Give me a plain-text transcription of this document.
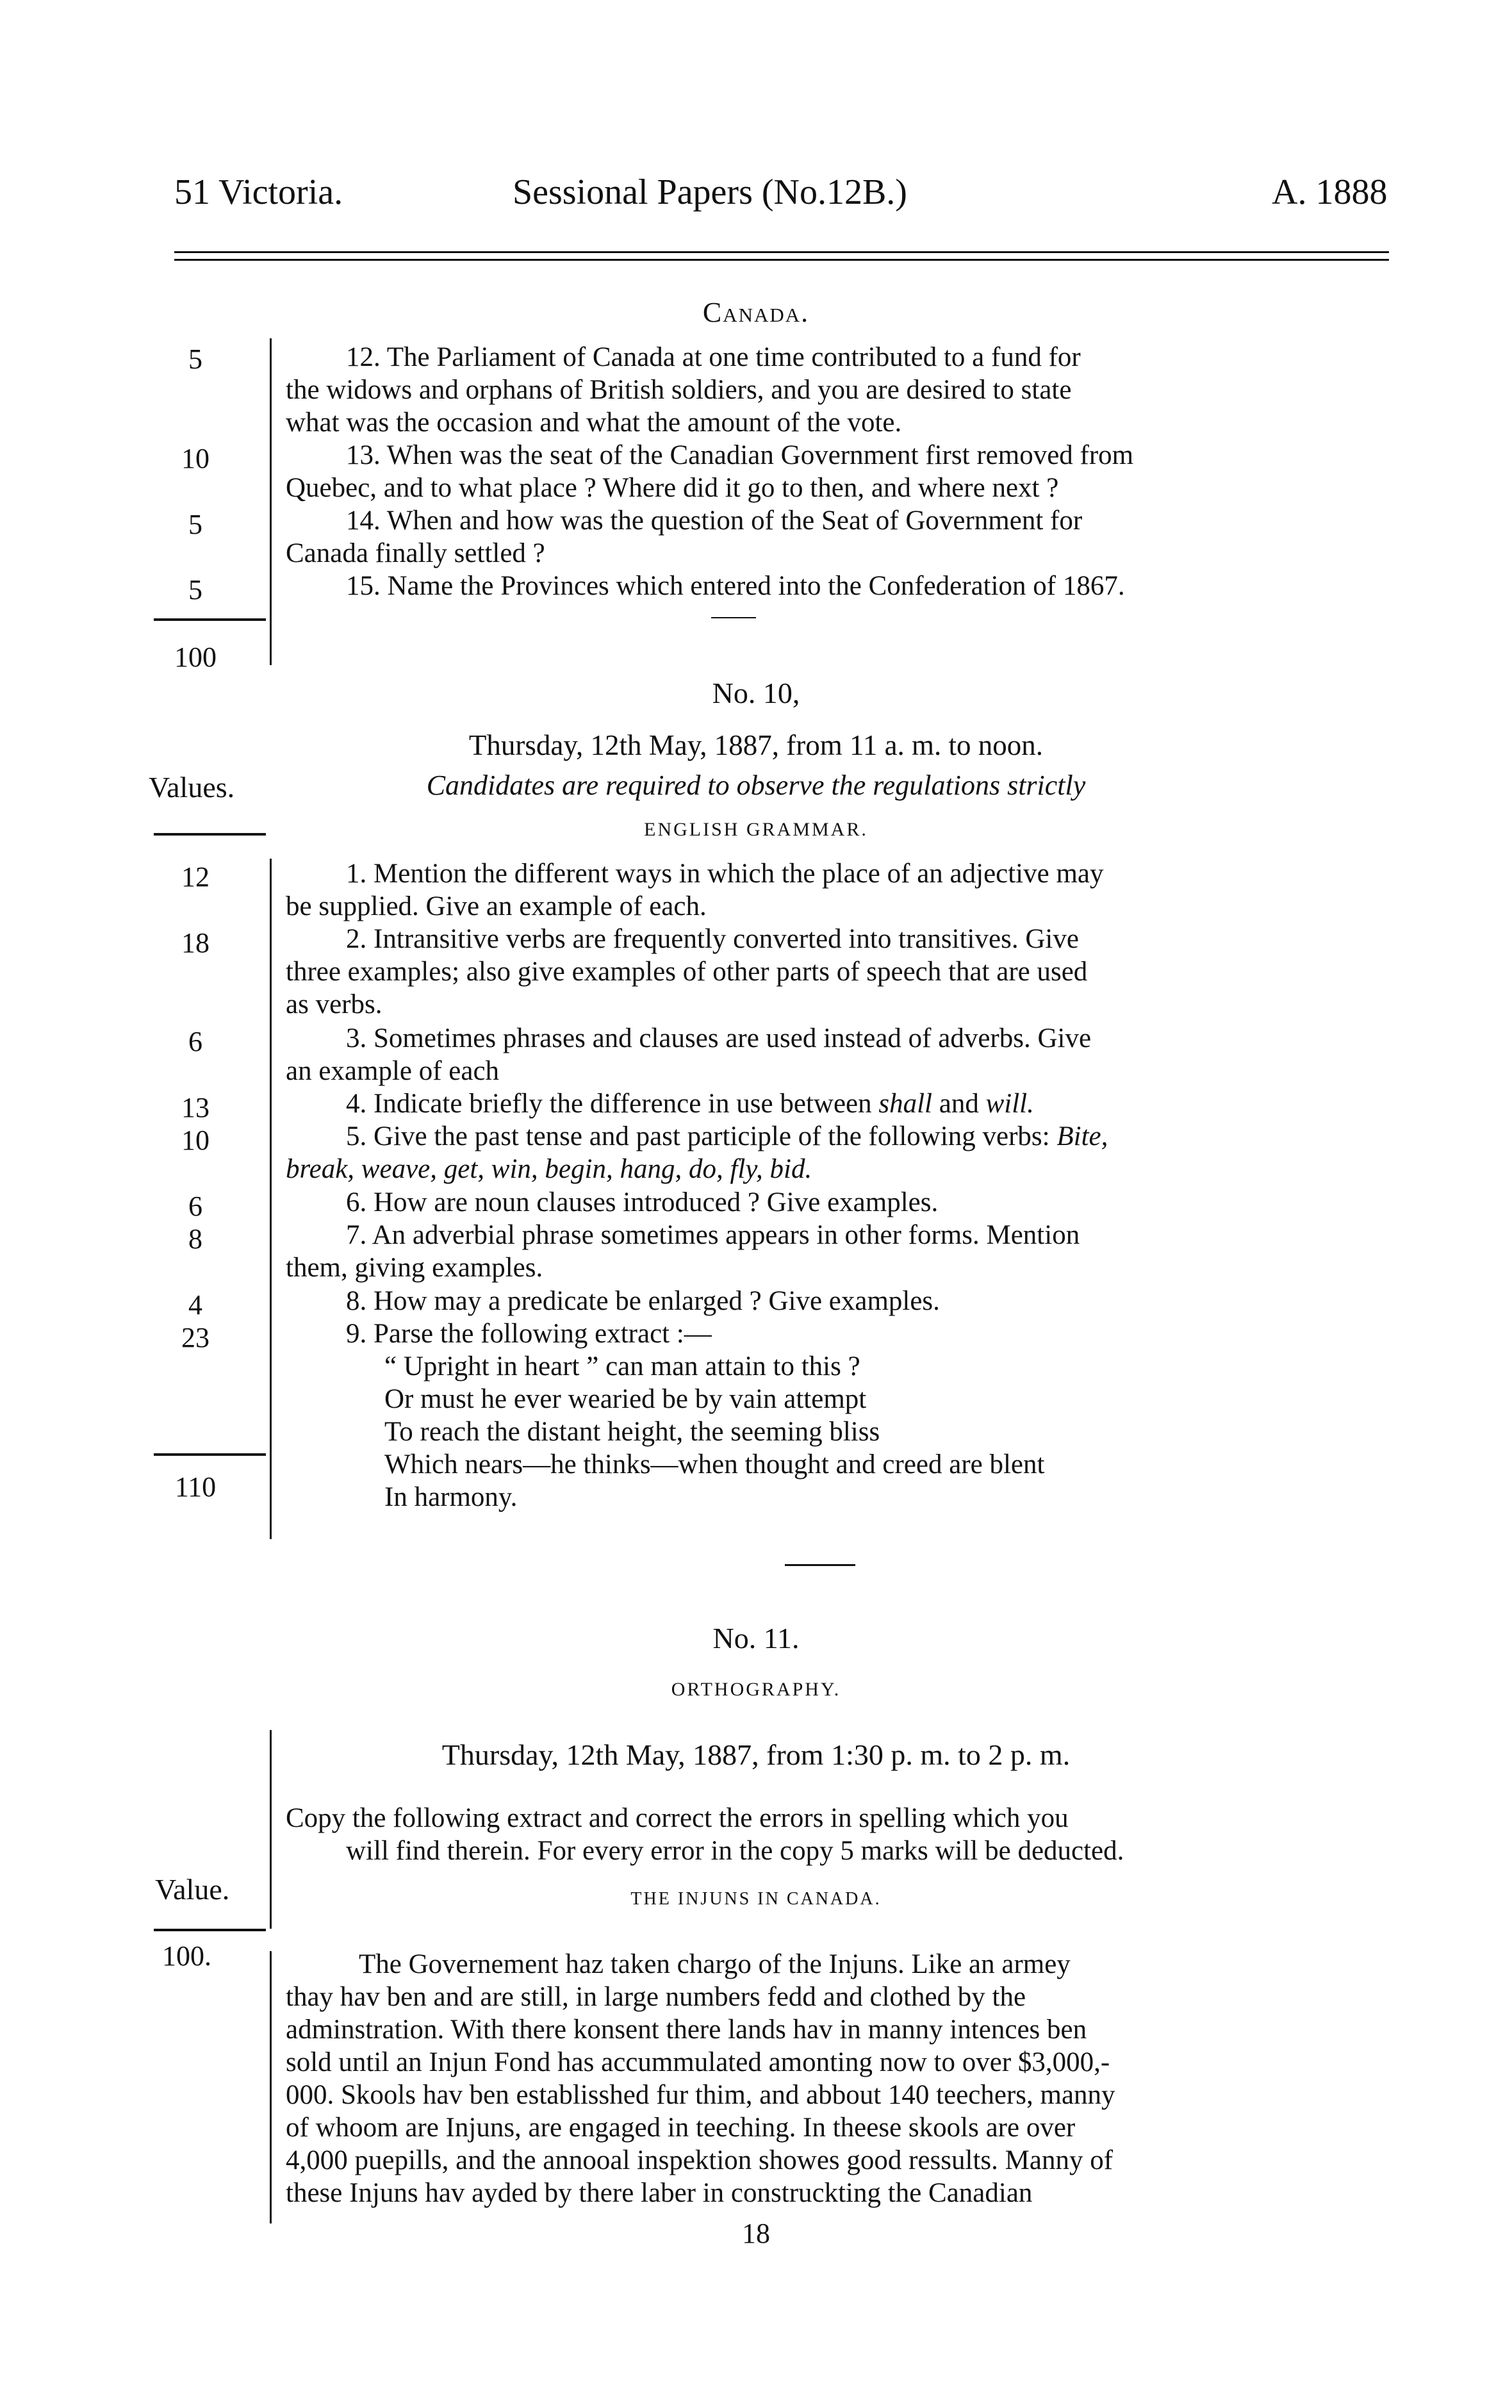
51 Victoria.	Sessional Papers (No.12B.)	A. 1888
Canada.
5
10
5
5
100
12. The Parliament of Canada at one time contributed to a fund for
the widows and orphans of British soldiers, and you are desired to state
what was the occasion and what the amount of the vote.
13. When was the seat of the Canadian Government first removed from
Quebec, and to what place ? Where did it go to then, and where next ?
14. When and how was the question of the Seat of Government for
Canada finally settled ?
15. Name the Provinces which entered into the Confederation of 1867.
No. 10,
Thursday, 12th May, 1887, from 11 a. m. to noon.
Candidates are required to observe the regulations strictly
ENGLISH GRAMMAR.
Values.
12
18
6
13
10
6
8
4
23
110
1. Mention the different ways in which the place of an adjective may
be supplied. Give an example of each.
2. Intransitive verbs are frequently converted into transitives. Give
three examples; also give examples of other parts of speech that are used
as verbs.
3. Sometimes phrases and clauses are used instead of adverbs. Give
an example of each
4. Indicate briefly the difference in use between shall and will.
5. Give the past tense and past participle of the following verbs: Bite,
break, weave, get, win, begin, hang, do, fly, bid.
6. How are noun clauses introduced ? Give examples.
7. An adverbial phrase sometimes appears in other forms. Mention
them, giving examples.
8. How may a predicate be enlarged ? Give examples.
9. Parse the following extract :—
“ Upright in heart ” can man attain to this ?
Or must he ever wearied be by vain attempt
To reach the distant height, the seeming bliss
Which nears—he thinks—when thought and creed are blent
In harmony.
No. 11.
ORTHOGRAPHY.
Thursday, 12th May, 1887, from 1:30 p. m. to 2 p. m.
Copy the following extract and correct the errors in spelling which you
will find therein. For every error in the copy 5 marks will be deducted.
Value.
100.
THE INJUNS IN CANADA.
The Governement haz taken chargo of the Injuns. Like an armey
thay hav ben and are still, in large numbers fedd and clothed by the
adminstration. With there konsent there lands hav in manny intences ben
sold until an Injun Fond has accummulated amonting now to over $3,000,-
000. Skools hav ben establisshed fur thim, and abbout 140 teechers, manny
of whoom are Injuns, are engaged in teeching. In theese skools are over
4,000 puepills, and the annooal inspektion showes good ressults. Manny of
these Injuns hav ayded by there laber in construckting the Canadian
18
